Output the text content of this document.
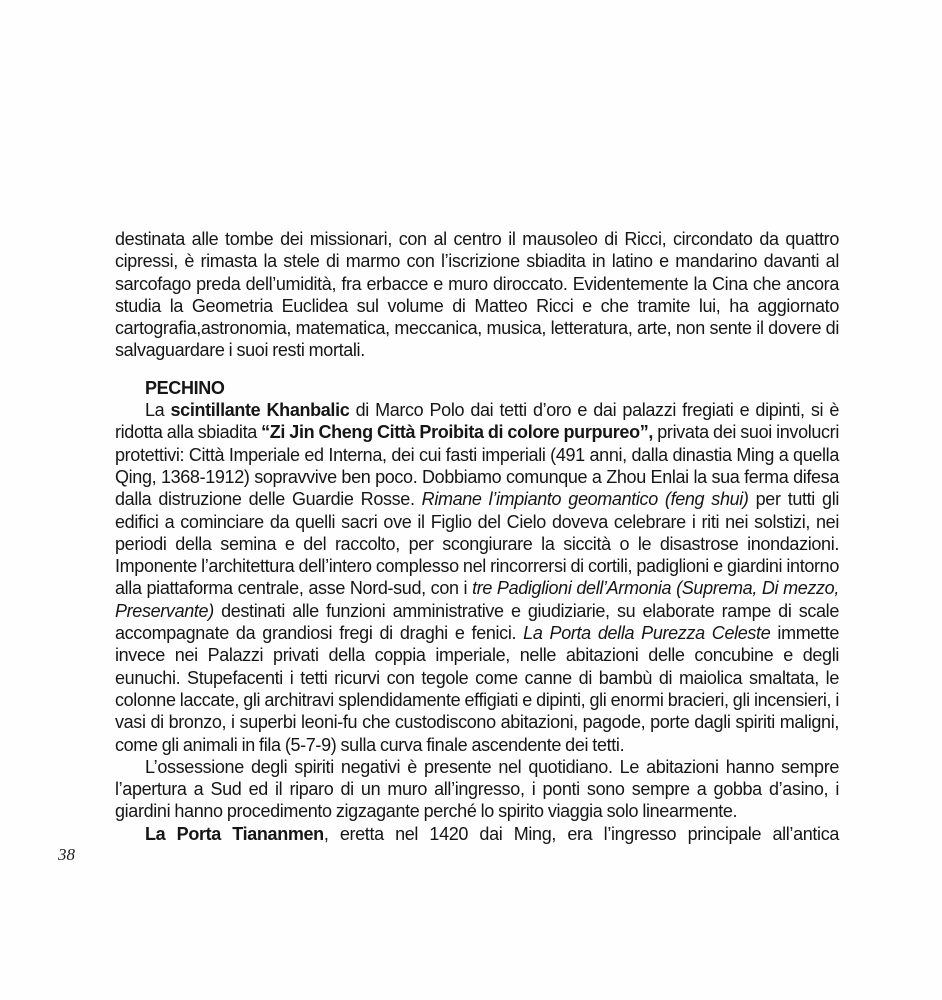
destinata alle tombe dei missionari, con al centro il mausoleo di Ricci, circondato da quattro cipressi, è rimasta la stele di marmo con l’iscrizione sbiadita in latino e mandarino davanti al sarcofago preda dell’umidità, fra erbacce e muro diroccato. Evidentemente la Cina che ancora studia la Geometria Euclidea sul volume di Matteo Ricci e che tramite lui, ha aggiornato cartografia,astronomia, matematica, meccanica, musica, letteratura, arte, non sente il dovere di salvaguardare i suoi resti mortali.

PECHINO

La scintillante Khanbalic di Marco Polo dai tetti d’oro e dai palazzi fregiati e dipinti, si è ridotta alla sbiadita “Zi Jin Cheng Città Proibita di colore purpureo”, privata dei suoi involucri protettivi: Città Imperiale ed Interna, dei cui fasti imperiali (491 anni, dalla dinastia Ming a quella Qing, 1368-1912) sopravvive ben poco. Dobbiamo comunque a Zhou Enlai la sua ferma difesa dalla distruzione delle Guardie Rosse. Rimane l’impianto geomantico (feng shui) per tutti gli edifici a cominciare da quelli sacri ove il Figlio del Cielo doveva celebrare i riti nei solstizi, nei periodi della semina e del raccolto, per scongiurare la siccità o le disastrose inondazioni. Imponente l’architettura dell’intero complesso nel rincorrersi di cortili, padiglioni e giardini intorno alla piattaforma centrale, asse Nord-sud, con i tre Padiglioni dell’Armonia (Suprema, Di mezzo, Preservante) destinati alle funzioni amministrative e giudiziarie, su elaborate rampe di scale accompagnate da grandiosi fregi di draghi e fenici. La Porta della Purezza Celeste immette invece nei Palazzi privati della coppia imperiale, nelle abitazioni delle concubine e degli eunuchi. Stupefacenti i tetti ricurvi con tegole come canne di bambù di maiolica smaltata, le colonne laccate, gli architravi splendidamente effigiati e dipinti, gli enormi bracieri, gli incensieri, i vasi di bronzo, i superbi leoni-fu che custodiscono abitazioni, pagode, porte dagli spiriti maligni, come gli animali in fila (5-7-9) sulla curva finale ascendente dei tetti.

L’ossessione degli spiriti negativi è presente nel quotidiano. Le abitazioni hanno sempre l’apertura a Sud ed il riparo di un muro all’ingresso, i ponti sono sempre a gobba d’asino, i giardini hanno procedimento zigzagante perché lo spirito viaggia solo linearmente.

La Porta Tiananmen, eretta nel 1420 dai Ming, era l’ingresso principale all’antica

38
